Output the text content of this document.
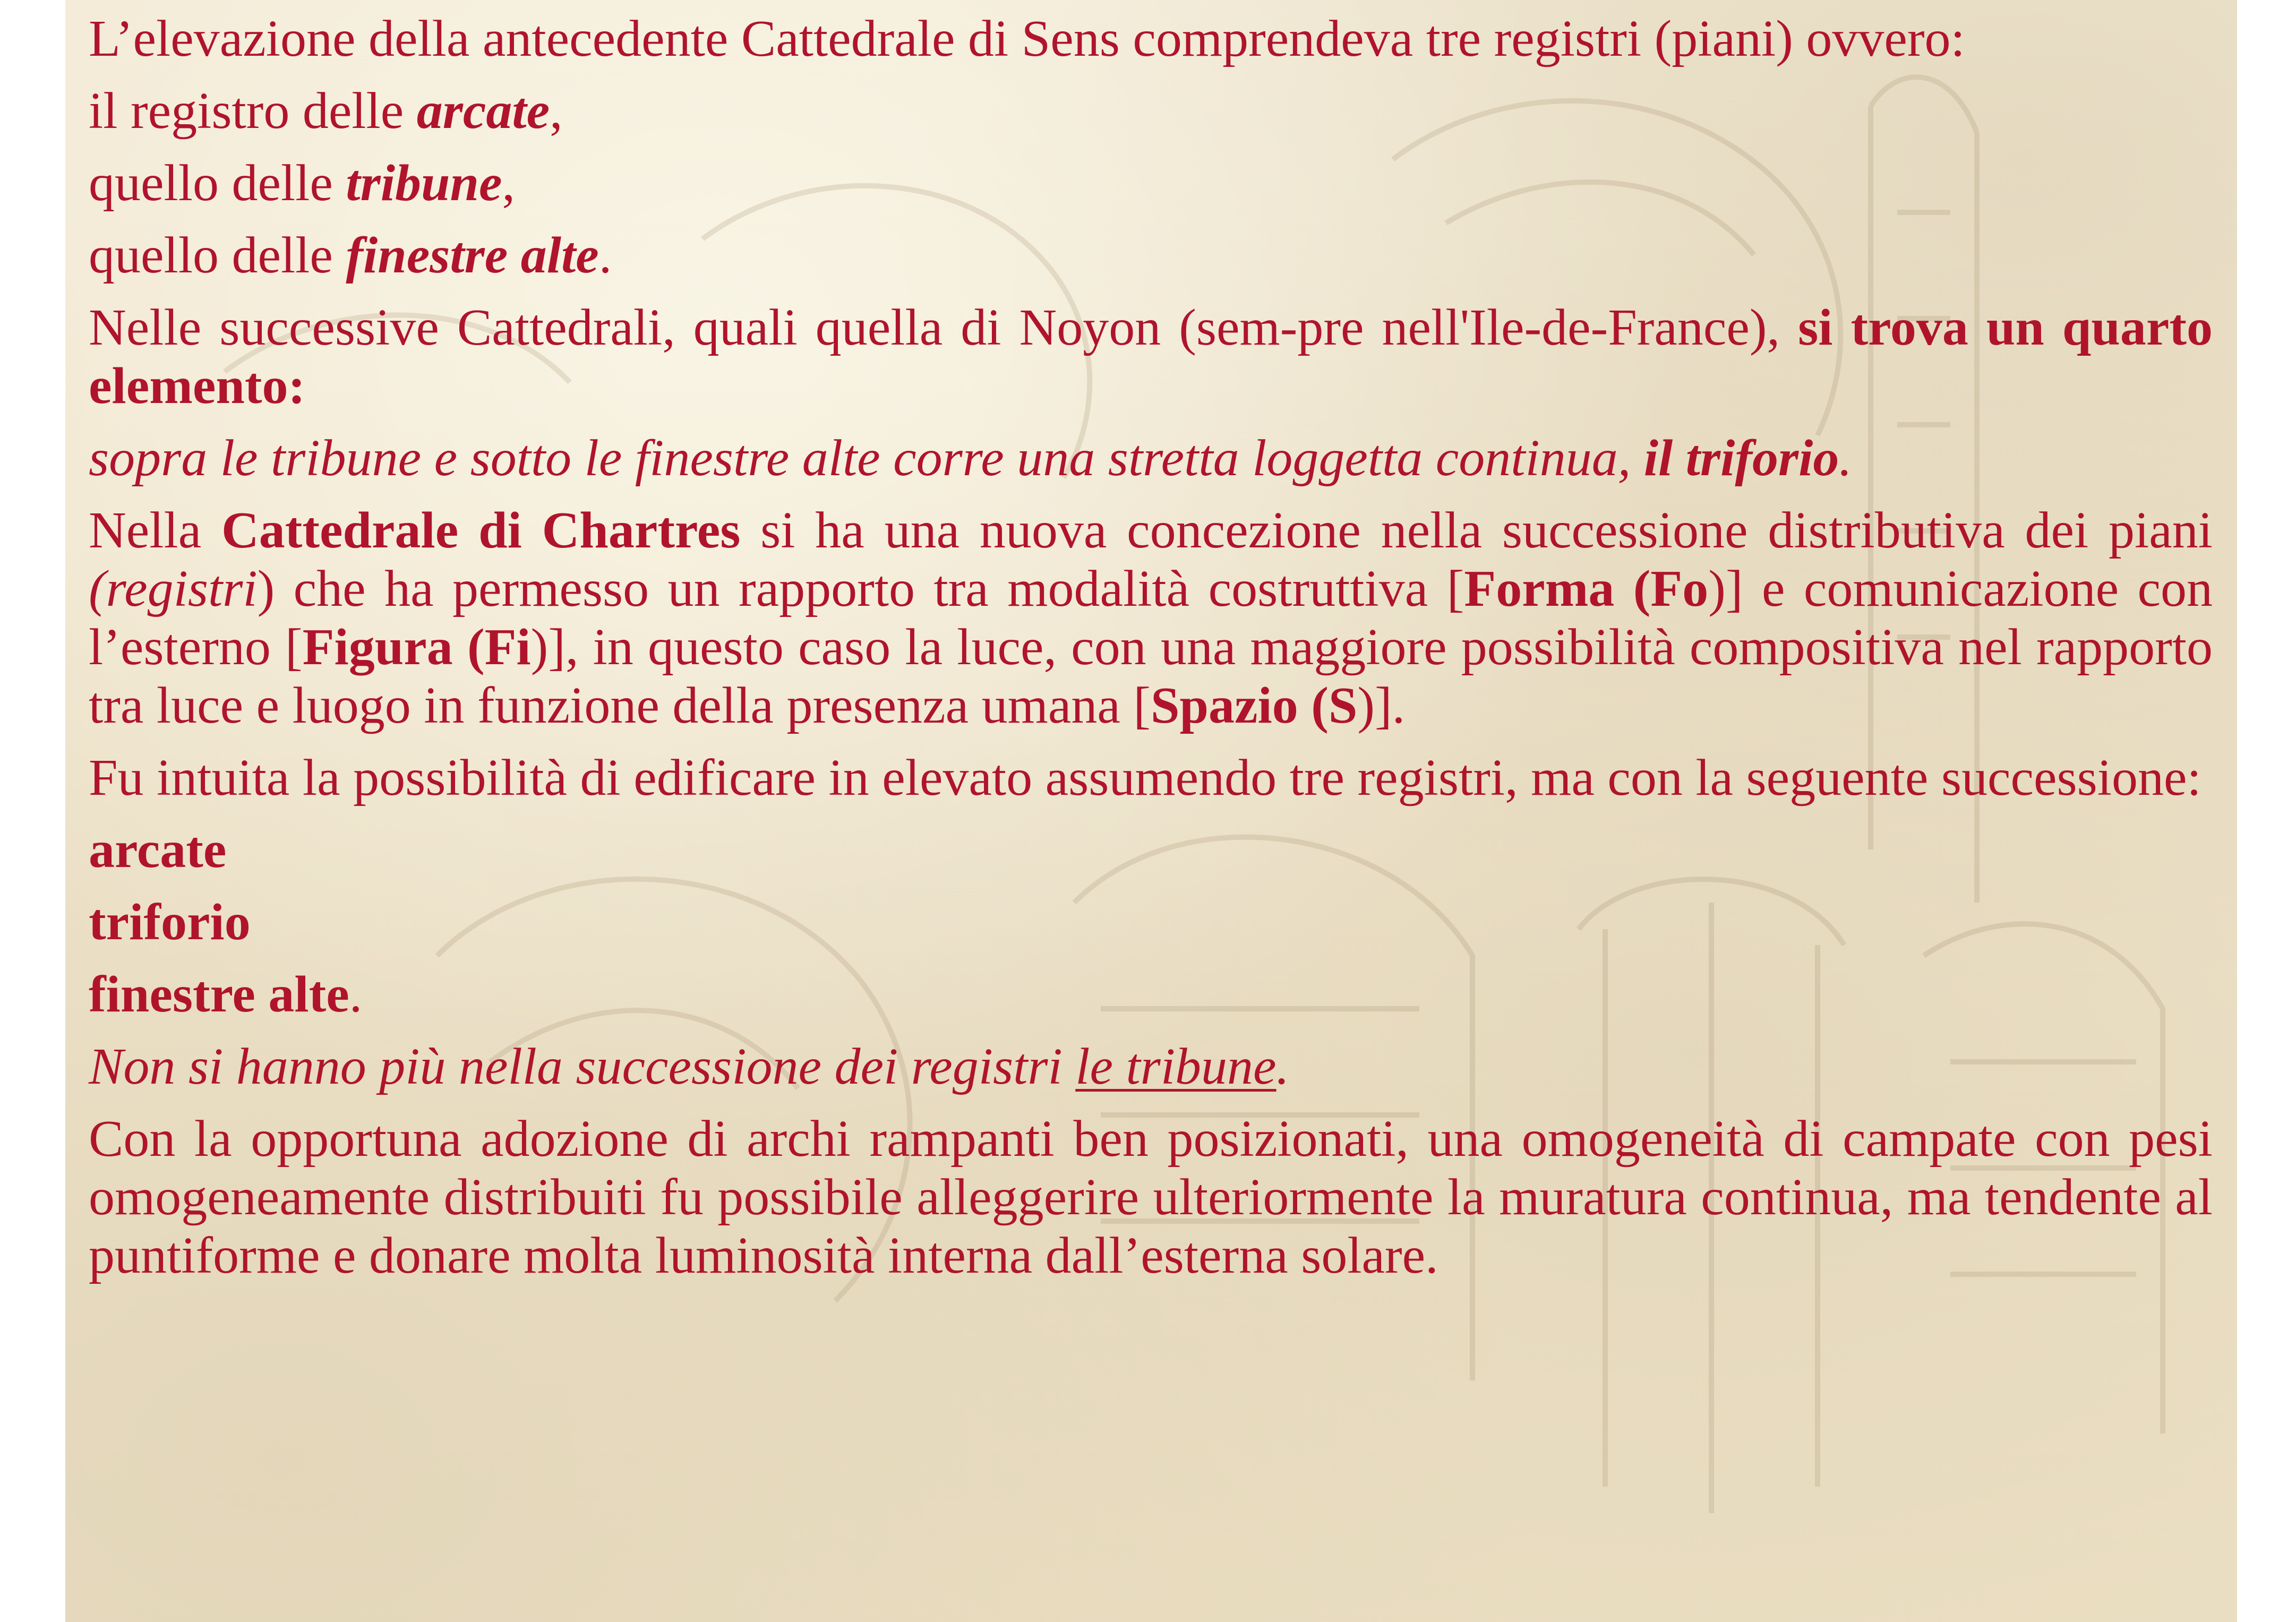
L’elevazione della antecedente Cattedrale di Sens comprendeva tre registri (piani) ovvero:

il registro delle arcate,

quello delle tribune,

quello delle finestre alte.

Nelle successive Cattedrali, quali quella di Noyon (sem-pre nell'Ile-de-France), si trova un quarto elemento:

sopra le tribune e sotto le finestre alte corre una stretta loggetta continua, il triforio.

Nella Cattedrale di Chartres si ha una nuova concezione nella successione distributiva dei piani (registri) che ha permesso un rapporto tra modalità costruttiva [Forma (Fo)] e comunicazione con l’esterno [Figura (Fi)], in questo caso la luce, con una maggiore possibilità compositiva nel rapporto tra luce e luogo in funzione della presenza umana [Spazio (S)].

Fu intuita la possibilità di edificare in elevato assumendo tre registri, ma con la seguente successione:

arcate

triforio

finestre alte.

Non si hanno più nella successione dei registri le tribune.

Con la opportuna adozione di archi rampanti ben posizionati, una omogeneità di campate con pesi omogeneamente distribuiti fu possibile alleggerire ulteriormente la muratura continua, ma tendente al puntiforme e donare molta luminosità interna dall’esterna solare.
